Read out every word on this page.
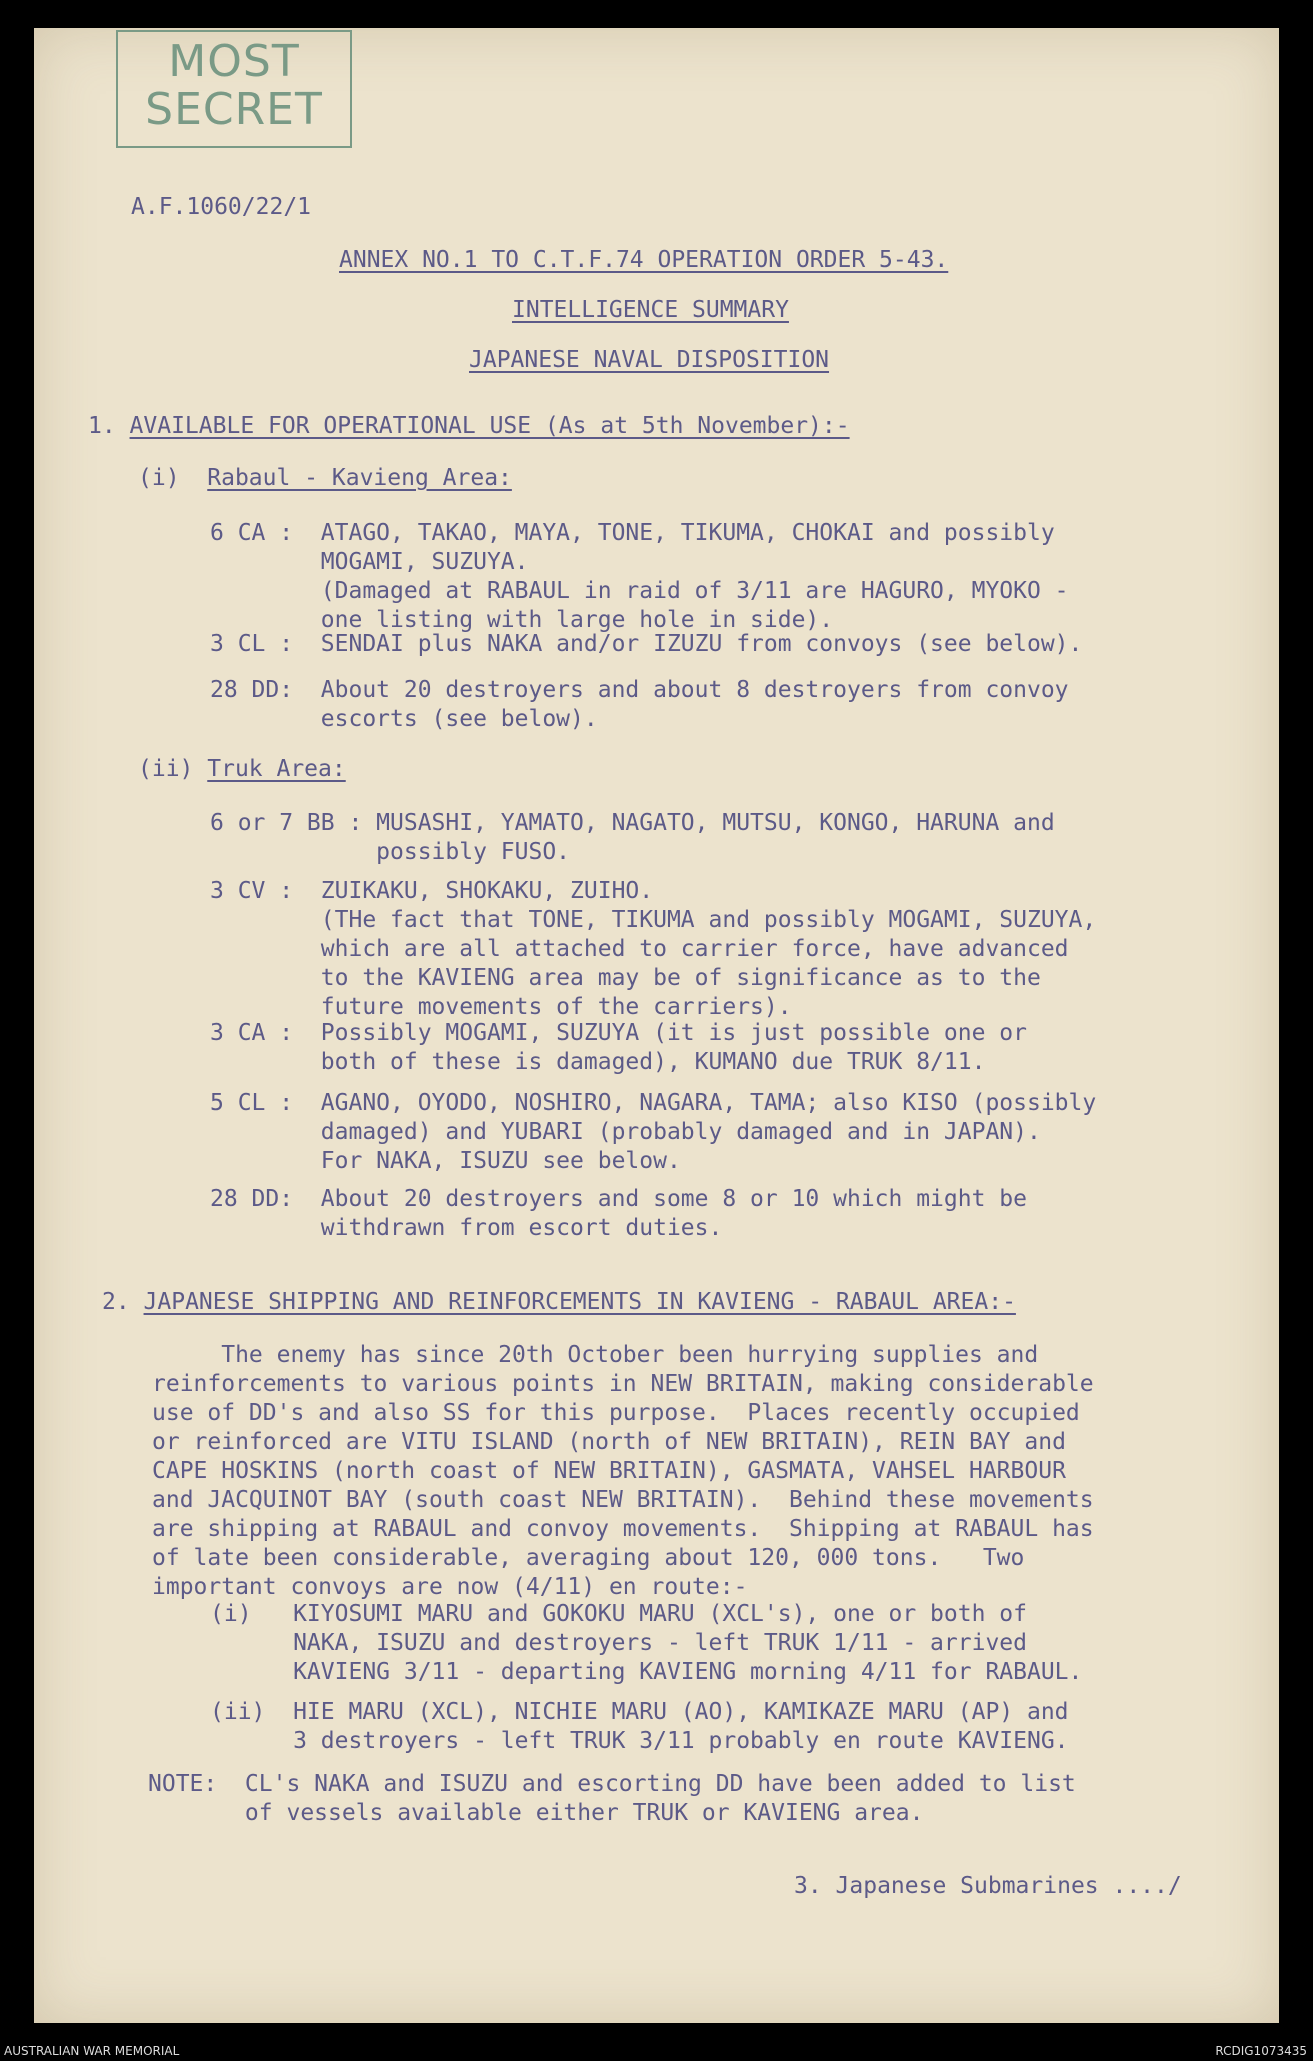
MOST
SECRET
A.F.1060/22/1
ANNEX NO.1 TO C.T.F.74 OPERATION ORDER 5-43.
INTELLIGENCE SUMMARY
JAPANESE NAVAL DISPOSITION
1. AVAILABLE FOR OPERATIONAL USE (As at 5th November):-
(i)  Rabaul - Kavieng Area:
6 CA :  ATAGO, TAKAO, MAYA, TONE, TIKUMA, CHOKAI and possibly
MOGAMI, SUZUYA.
(Damaged at RABAUL in raid of 3/11 are HAGURO, MYOKO -
one listing with large hole in side).
3 CL :  SENDAI plus NAKA and/or IZUZU from convoys (see below).
28 DD:  About 20 destroyers and about 8 destroyers from convoy
escorts (see below).
(ii) Truk Area:
6 or 7 BB : MUSASHI, YAMATO, NAGATO, MUTSU, KONGO, HARUNA and
possibly FUSO.
3 CV :  ZUIKAKU, SHOKAKU, ZUIHO.
(THe fact that TONE, TIKUMA and possibly MOGAMI, SUZUYA,
which are all attached to carrier force, have advanced
to the KAVIENG area may be of significance as to the
future movements of the carriers).
3 CA :  Possibly MOGAMI, SUZUYA (it is just possible one or
both of these is damaged), KUMANO due TRUK 8/11.
5 CL :  AGANO, OYODO, NOSHIRO, NAGARA, TAMA; also KISO (possibly
damaged) and YUBARI (probably damaged and in JAPAN).
For NAKA, ISUZU see below.
28 DD:  About 20 destroyers and some 8 or 10 which might be
withdrawn from escort duties.
2. JAPANESE SHIPPING AND REINFORCEMENTS IN KAVIENG - RABAUL AREA:-
The enemy has since 20th October been hurrying supplies and
reinforcements to various points in NEW BRITAIN, making considerable
use of DD's and also SS for this purpose.  Places recently occupied
or reinforced are VITU ISLAND (north of NEW BRITAIN), REIN BAY and
CAPE HOSKINS (north coast of NEW BRITAIN), GASMATA, VAHSEL HARBOUR
and JACQUINOT BAY (south coast NEW BRITAIN).  Behind these movements
are shipping at RABAUL and convoy movements.  Shipping at RABAUL has
of late been considerable, averaging about 120, 000 tons.   Two
important convoys are now (4/11) en route:-
(i)   KIYOSUMI MARU and GOKOKU MARU (XCL's), one or both of
NAKA, ISUZU and destroyers - left TRUK 1/11 - arrived
KAVIENG 3/11 - departing KAVIENG morning 4/11 for RABAUL.
(ii)  HIE MARU (XCL), NICHIE MARU (AO), KAMIKAZE MARU (AP) and
3 destroyers - left TRUK 3/11 probably en route KAVIENG.
NOTE:  CL's NAKA and ISUZU and escorting DD have been added to list
of vessels available either TRUK or KAVIENG area.
3. Japanese Submarines ..../
AUSTRALIAN WAR MEMORIAL	RCDIG1073435
